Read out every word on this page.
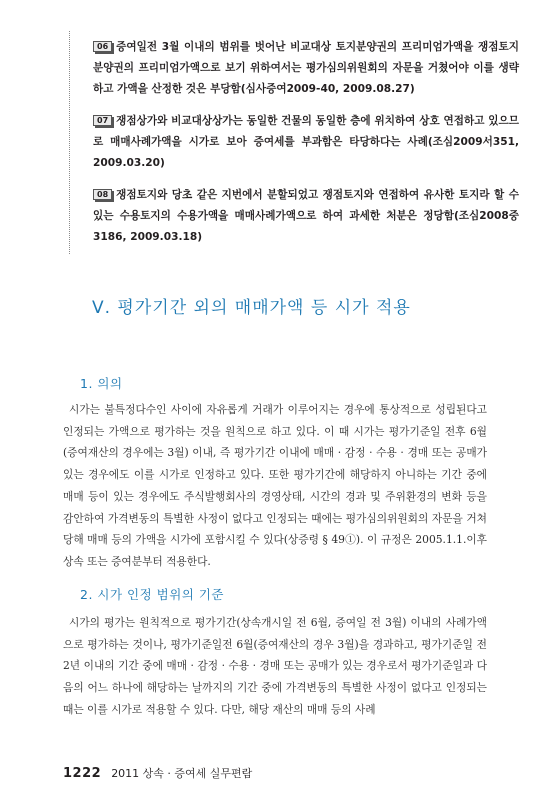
06 증여일전 3월 이내의 범위를 벗어난 비교대상 토지분양권의 프리미엄가액을 쟁점토지분양권의 프리미엄가액으로 보기 위하여서는 평가심의위원회의 자문을 거쳤어야 이를 생략하고 가액을 산정한 것은 부당함(심사증여2009-40, 2009.08.27)
07 쟁점상가와 비교대상상가는 동일한 건물의 동일한 층에 위치하여 상호 연접하고 있으므로 매매사례가액을 시가로 보아 증여세를 부과함은 타당하다는 사례(조심2009서351, 2009.03.20)
08 쟁점토지와 당초 같은 지번에서 분할되었고 쟁점토지와 연접하여 유사한 토지라 할 수 있는 수용토지의 수용가액을 매매사례가액으로 하여 과세한 처분은 정당함(조심2008중3186, 2009.03.18)
Ⅴ. 평가기간 외의 매매가액 등 시가 적용
1. 의의

시가는 불특정다수인 사이에 자유롭게 거래가 이루어지는 경우에 통상적으로 성립된다고 인정되는 가액으로 평가하는 것을 원칙으로 하고 있다. 이 때 시가는 평가기준일 전후 6월(증여재산의 경우에는 3월) 이내, 즉 평가기간 이내에 매매 · 감정 · 수용 · 경매 또는 공매가 있는 경우에도 이를 시가로 인정하고 있다. 또한 평가기간에 해당하지 아니하는 기간 중에 매매 등이 있는 경우에도 주식발행회사의 경영상태, 시간의 경과 및 주위환경의 변화 등을 감안하여 가격변동의 특별한 사정이 없다고 인정되는 때에는 평가심의위원회의 자문을 거쳐 당해 매매 등의 가액을 시가에 포함시킬 수 있다(상증령 § 49①). 이 규정은 2005.1.1.이후 상속 또는 증여분부터 적용한다.

2. 시가 인정 범위의 기준

시가의 평가는 원칙적으로 평가기간(상속개시일 전 6월, 증여일 전 3월) 이내의 사례가액으로 평가하는 것이나, 평가기준일전 6월(증여재산의 경우 3월)을 경과하고, 평가기준일 전 2년 이내의 기간 중에 매매 · 감정 · 수용 · 경매 또는 공매가 있는 경우로서 평가기준일과 다음의 어느 하나에 해당하는 날까지의 기간 중에 가격변동의 특별한 사정이 없다고 인정되는 때는 이를 시가로 적용할 수 있다. 다만, 해당 재산의 매매 등의 사례

1222 2011 상속 · 증여세 실무편람
